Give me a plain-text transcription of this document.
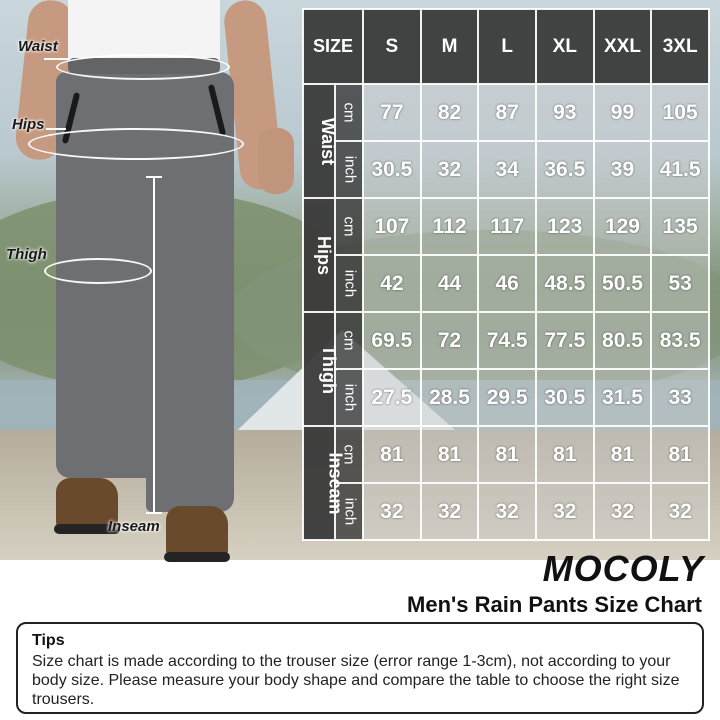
Waist
Hips
Thigh
Inseam
SIZE		S	M	L	XL	XXL	3XL
Waist	cm	77	82	87	93	99	105
	inch	30.5	32	34	36.5	39	41.5
Hips	cm	107	112	117	123	129	135
	inch	42	44	46	48.5	50.5	53
Thigh	cm	69.5	72	74.5	77.5	80.5	83.5
	inch	27.5	28.5	29.5	30.5	31.5	33
Inseam	cm	81	81	81	81	81	81
	inch	32	32	32	32	32	32
MOCOLY
Men's Rain Pants Size Chart
Tips
Size chart is made according to the trouser size (error range 1-3cm), not according to your body size. Please measure your body shape and compare the table to choose the right size trousers.
